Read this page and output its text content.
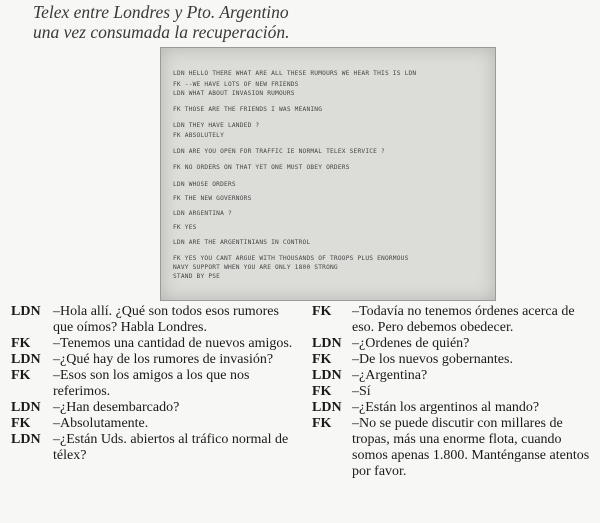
Telex entre Londres y Pto. Argentino
una vez consumada la recuperación.
LDN HELLO THERE WHAT ARE ALL THESE RUMOURS WE HEAR THIS IS LDN
FK --WE HAVE LOTS OF NEW FRIENDS
LDN WHAT ABOUT INVASION RUMOURS
FK THOSE ARE THE FRIENDS I WAS MEANING
LDN THEY HAVE LANDED ?
FK ABSOLUTELY
LDN ARE YOU OPEN FOR TRAFFIC IE NORMAL TELEX SERVICE ?
FK NO ORDERS ON THAT YET ONE MUST OBEY ORDERS
LDN WHOSE ORDERS
FK THE NEW GOVERNORS
LDN ARGENTINA ?
FK YES
LDN ARE THE ARGENTINIANS IN CONTROL
FK YES YOU CANT ARGUE WITH THOUSANDS OF TROOPS PLUS ENORMOUS
NAVY SUPPORT WHEN YOU ARE ONLY 1800 STRONG
STAND BY PSE
LDN –Hola allí. ¿Qué son todos esos rumores que oímos? Habla Londres.
FK	–Tenemos una cantidad de nuevos amigos.
LDN –¿Qué hay de los rumores de invasión?
FK	–Esos son los amigos a los que nos referimos.
LDN –¿Han desembarcado?
FK	–Absolutamente.
LDN –¿Están Uds. abiertos al tráfico normal de télex?
FK	–Todavía no tenemos órdenes acerca de eso. Pero debemos obedecer.
LDN –¿Ordenes de quién?
FK	–De los nuevos gobernantes.
LDN –¿Argentina?
FK	–Sí
LDN –¿Están los argentinos al mando?
FK	–No se puede discutir con millares de tropas, más una enorme flota, cuando somos apenas 1.800. Manténganse atentos por favor.
